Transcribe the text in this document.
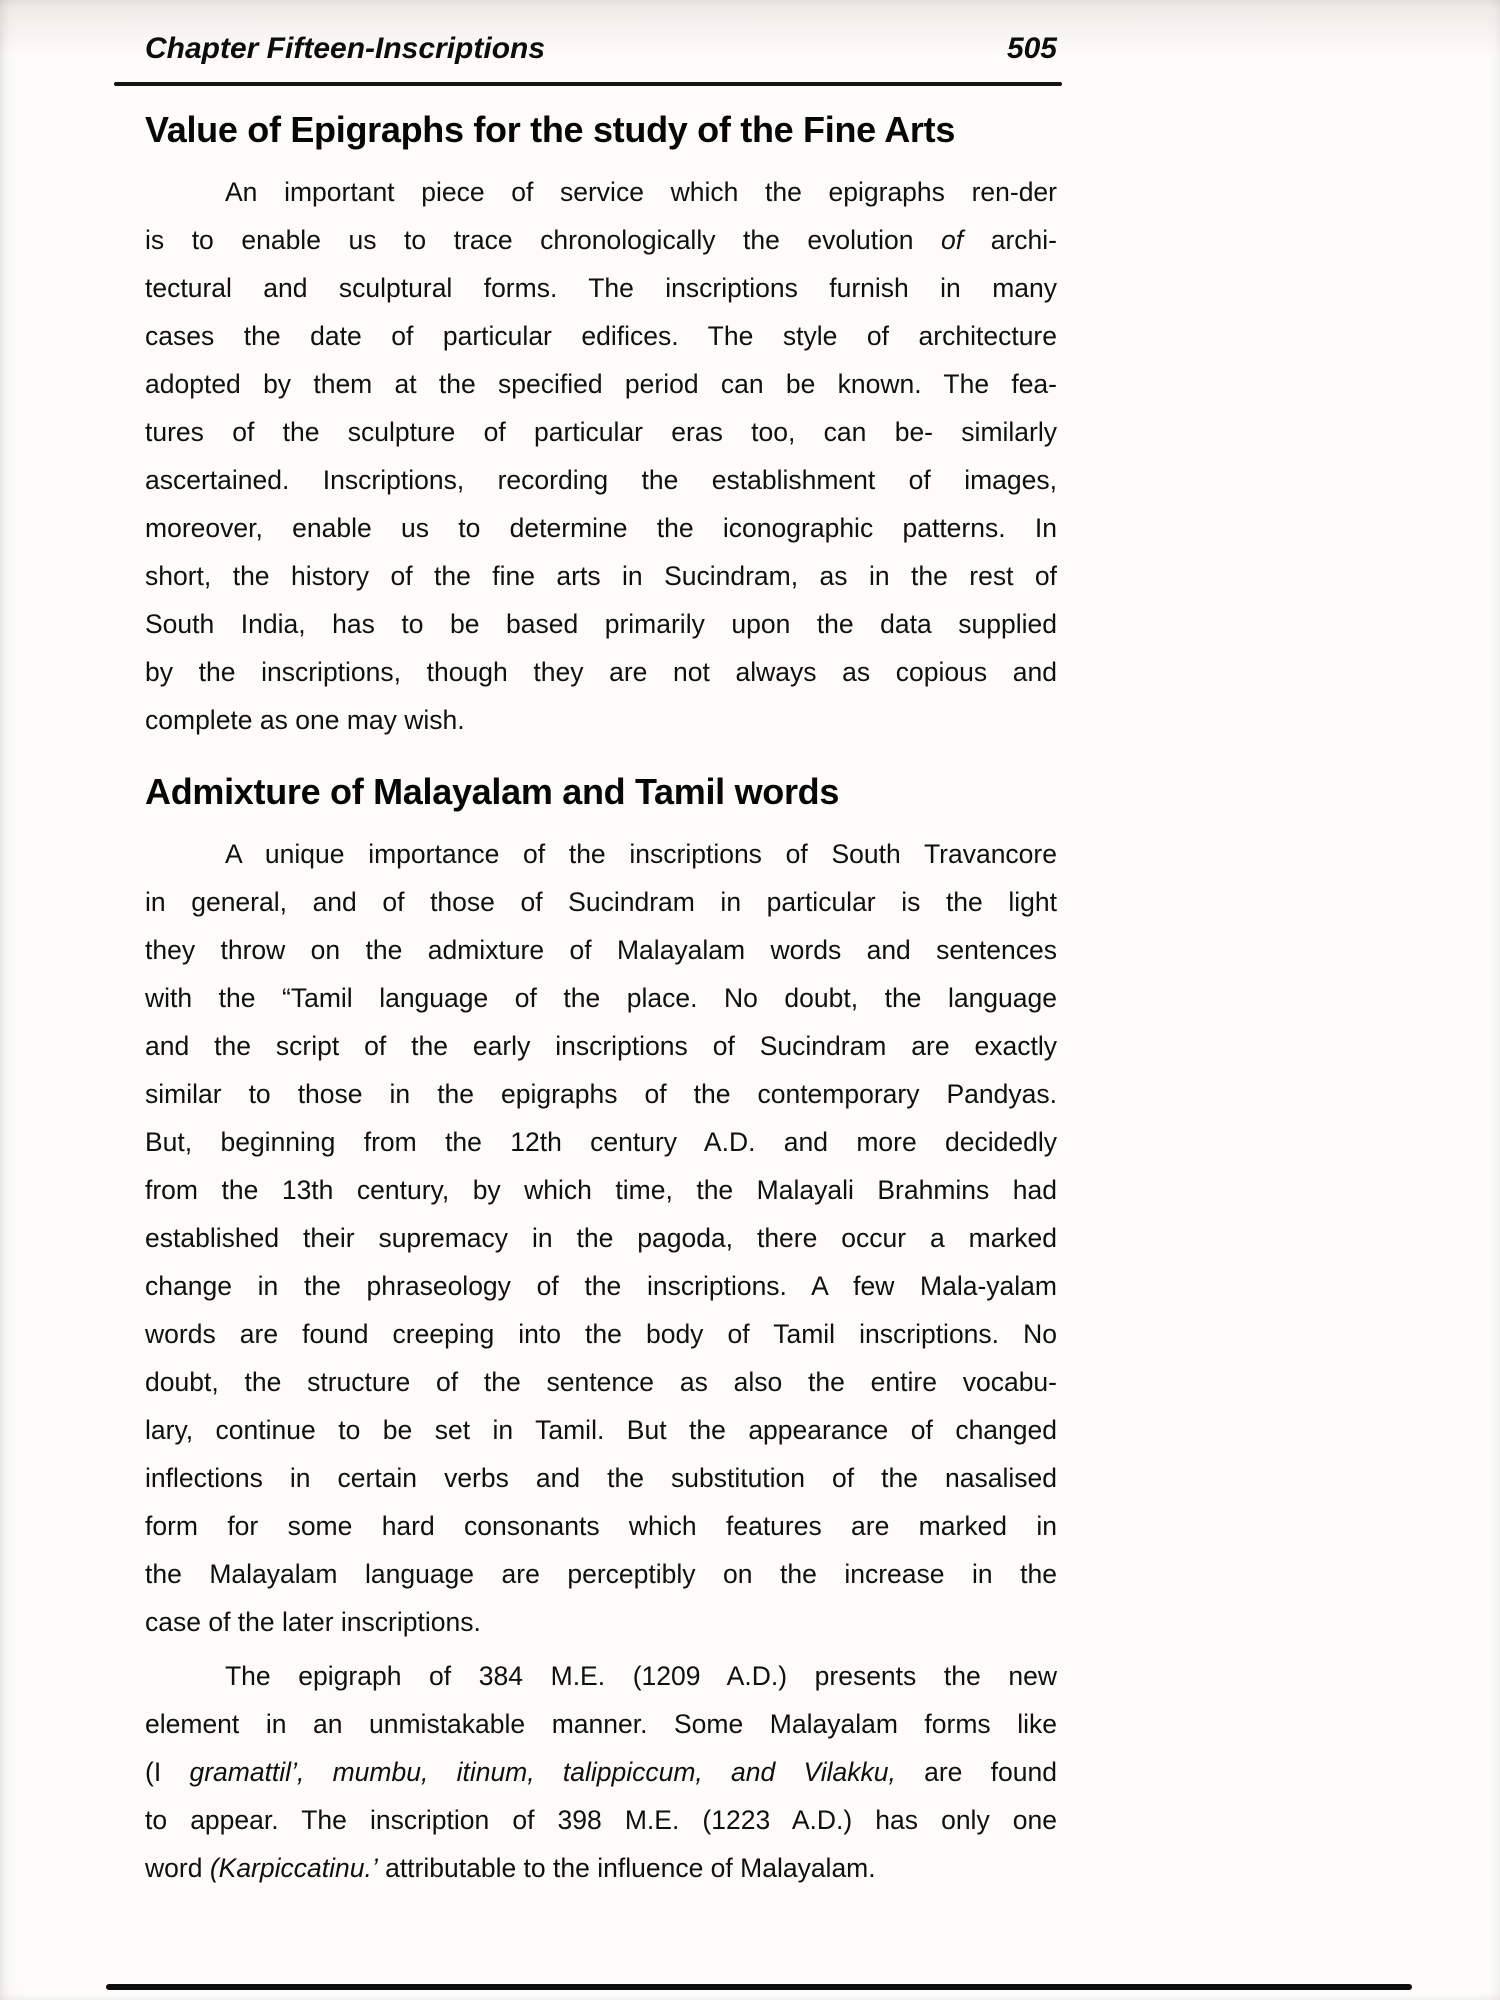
Chapter Fifteen-Inscriptions	505
Value of Epigraphs for the study of the Fine Arts
An important piece of service which the epigraphs ren-der
is to enable us to trace chronologically the evolution of archi-
tectural and sculptural forms. The inscriptions furnish in many
cases the date of particular edifices. The style of architecture
adopted by them at the specified period can be known. The fea-
tures of the sculpture of particular eras too, can be- similarly
ascertained. Inscriptions, recording the establishment of images,
moreover, enable us to determine the iconographic patterns. In
short, the history of the fine arts in Sucindram, as in the rest of
South India, has to be based primarily upon the data supplied
by the inscriptions, though they are not always as copious and
complete as one may wish.
Admixture of Malayalam and Tamil words
A unique importance of the inscriptions of South Travancore
in general, and of those of Sucindram in particular is the light
they throw on the admixture of Malayalam words and sentences
with the “Tamil language of the place. No doubt, the language
and the script of the early inscriptions of Sucindram are exactly
similar to those in the epigraphs of the contemporary Pandyas.
But, beginning from the 12th century A.D. and more decidedly
from the 13th century, by which time, the Malayali Brahmins had
established their supremacy in the pagoda, there occur a marked
change in the phraseology of the inscriptions. A few Mala-yalam
words are found creeping into the body of Tamil inscriptions. No
doubt, the structure of the sentence as also the entire vocabu-
lary, continue to be set in Tamil. But the appearance of changed
inflections in certain verbs and the substitution of the nasalised
form for some hard consonants which features are marked in
the Malayalam language are perceptibly on the increase in the
case of the later inscriptions.
The epigraph of 384 M.E. (1209 A.D.) presents the new
element in an unmistakable manner. Some Malayalam forms like
(I gramattil’, mumbu, itinum, talippiccum, and Vilakku, are found
to appear. The inscription of 398 M.E. (1223 A.D.) has only one
word (Karpiccatinu.’ attributable to the influence of Malayalam.
